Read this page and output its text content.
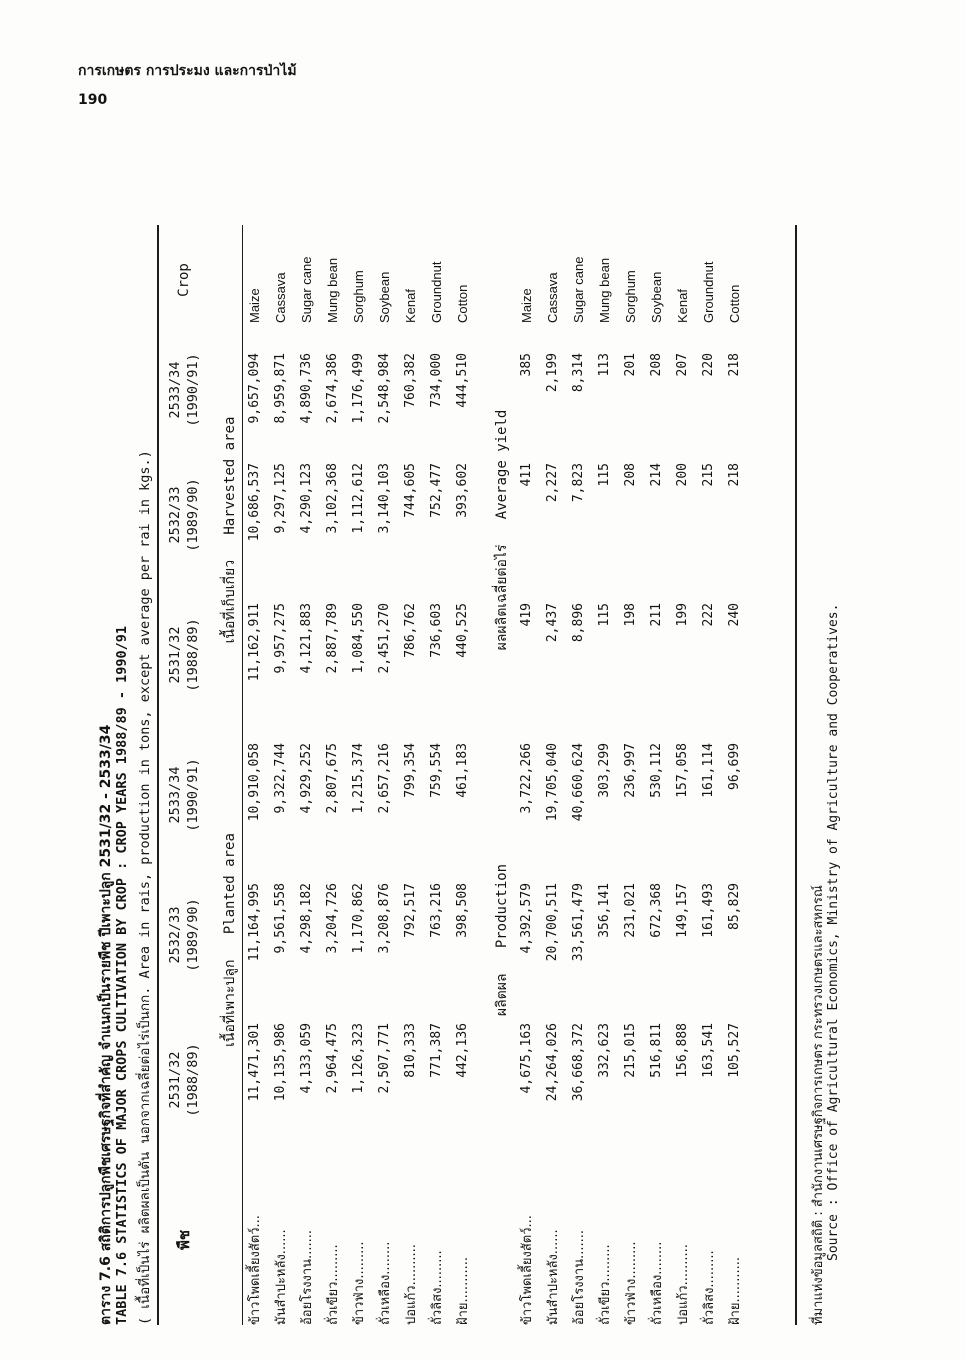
การเกษตร การประมง และการป่าไม้
190
ตาราง 7.6 สถิติการปลูกพืชเศรษฐกิจที่สำคัญ จำแนกเป็นรายพืช ปีเพาะปลูก 2531/32 - 2533/34 TABLE 7.6 STATISTICS OF MAJOR CROPS CULTIVATION BY CROP : CROP YEARS 1988/89 - 1990/91 ( เนื้อที่เป็นไร่ ผลิตผลเป็นตัน นอกจากเฉลี่ยต่อไร่เป็นกก. Area in rais, production in tons, except average per rai in kgs.) พืช	2531/32 (1988/89)	2532/33 (1989/90)	2533/34 (1990/91)	2531/32 (1988/89)	2532/33 (1989/90)	2533/34 (1990/91)	Crop

	เนื้อที่เพาะปลูก   Planted area			เนื้อที่เก็บเกี่ยว   Harvested area			
ข้าวโพดเลี้ยงสัตว์...	11,471,301	11,164,995	10,910,058	11,162,911	10,686,537	9,657,094	Maize
มันสำปะหลัง......	10,135,986	9,561,558	9,322,744	9,957,275	9,297,125	8,959,871	Cassava
อ้อยโรงงาน.......	4,133,059	4,298,182	4,929,252	4,121,883	4,290,123	4,890,736	Sugar cane
ถั่วเขียว.........	2,964,475	3,204,726	2,807,675	2,887,789	3,102,368	2,674,386	Mung bean
ข้าวฟ่าง.........	1,126,323	1,170,862	1,215,374	1,084,550	1,112,612	1,176,499	Sorghum
ถั่วเหลือง........	2,507,771	3,208,876	2,657,216	2,451,270	3,140,103	2,548,984	Soybean
ปอแก้ว..........	810,333	792,517	799,354	786,762	744,605	760,382	Kenaf
ถั่วลิสง.........	771,387	763,216	759,554	736,603	752,477	734,000	Groundnut
ฝ้าย...........	442,136	398,508	461,183	440,525	393,602	444,510	Cotton

	ผลิตผล   Production			ผลผลิตเฉลี่ยต่อไร่   Average yield			
ข้าวโพดเลี้ยงสัตว์...	4,675,163	4,392,579	3,722,266	419	411	385	Maize
มันสำปะหลัง......	24,264,026	20,700,511	19,705,040	2,437	2,227	2,199	Cassava
อ้อยโรงงาน.......	36,668,372	33,561,479	40,660,624	8,896	7,823	8,314	Sugar cane
ถั่วเขียว.........	332,623	356,141	303,299	115	115	113	Mung bean
ข้าวฟ่าง.........	215,015	231,021	236,997	198	208	201	Sorghum
ถั่วเหลือง........	516,811	672,368	530,112	211	214	208	Soybean
ปอแก้ว..........	156,888	149,157	157,058	199	200	207	Kenaf
ถั่วลิสง.........	163,541	161,493	161,114	222	215	220	Groundnut
ฝ้าย...........	105,527	85,829	96,699	240	218	218	Cotton
ที่มาแห่งข้อมูลสถิติ : สำนักงานเศรษฐกิจการเกษตร กระทรวงเกษตรและสหกรณ์ Source : Office of Agricultural Economics, Ministry of Agriculture and Cooperatives.
